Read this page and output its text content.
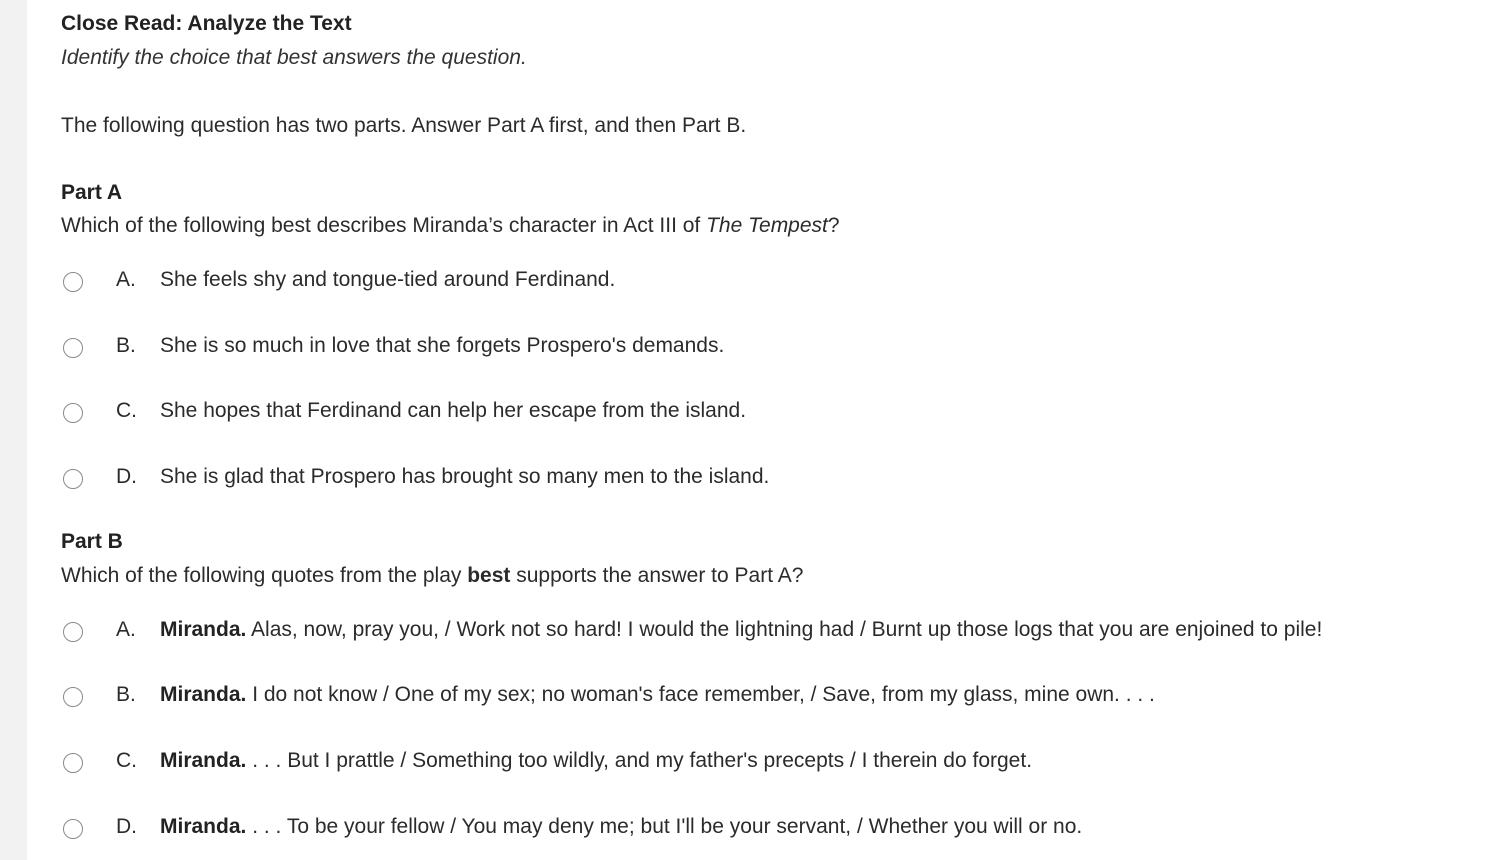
Close Read: Analyze the Text
Identify the choice that best answers the question.
The following question has two parts. Answer Part A first, and then Part B.
Part A
Which of the following best describes Miranda’s character in Act III of The Tempest?
A. She feels shy and tongue-tied around Ferdinand.
B. She is so much in love that she forgets Prospero's demands.
C. She hopes that Ferdinand can help her escape from the island.
D. She is glad that Prospero has brought so many men to the island.
Part B
Which of the following quotes from the play best supports the answer to Part A?
A. Miranda. Alas, now, pray you, / Work not so hard! I would the lightning had / Burnt up those logs that you are enjoined to pile!
B. Miranda. I do not know / One of my sex; no woman's face remember, / Save, from my glass, mine own. . . .
C. Miranda. . . . But I prattle / Something too wildly, and my father's precepts / I therein do forget.
D. Miranda. . . . To be your fellow / You may deny me; but I'll be your servant, / Whether you will or no.
